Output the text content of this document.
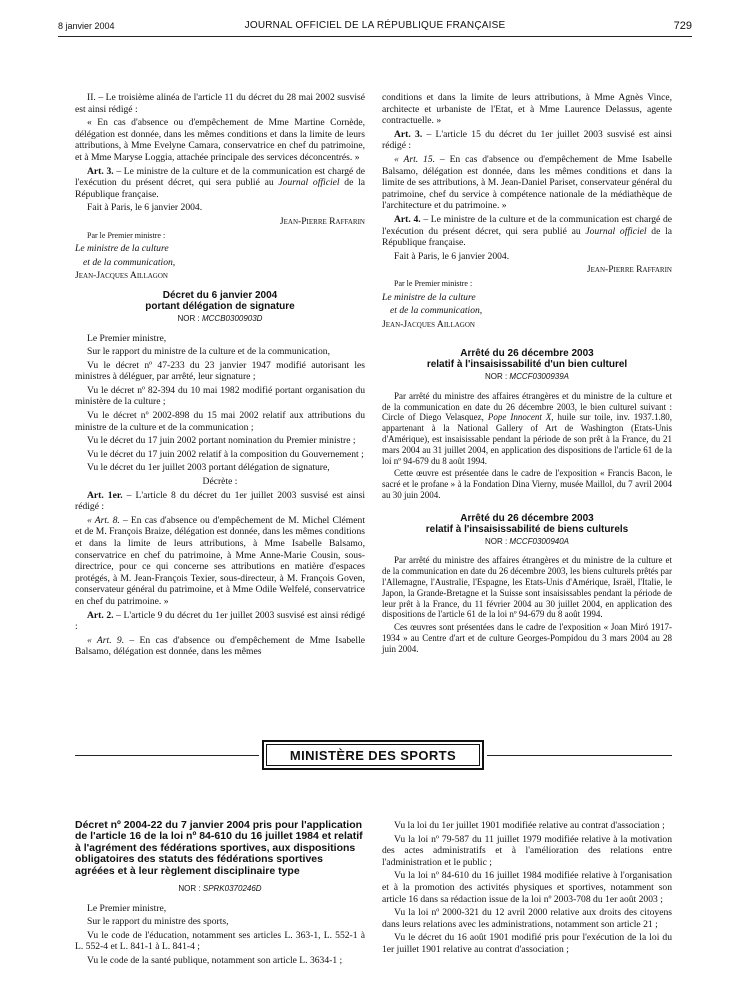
8 janvier 2004	JOURNAL OFFICIEL DE LA RÉPUBLIQUE FRANÇAISE	729

II. – Le troisième alinéa de l'article 11 du décret du 28 mai 2002 susvisé est ainsi rédigé :

« En cas d'absence ou d'empêchement de Mme Martine Cornède, délégation est donnée, dans les mêmes conditions et dans la limite de leurs attributions, à Mme Evelyne Camara, conservatrice en chef du patrimoine, et à Mme Maryse Loggia, attachée principale des services déconcentrés. »

Art. 3. – Le ministre de la culture et de la communication est chargé de l'exécution du présent décret, qui sera publié au Journal officiel de la République française.

Fait à Paris, le 6 janvier 2004.

Jean-Pierre Raffarin

Par le Premier ministre :

Le ministre de la culture

et de la communication,

Jean-Jacques Aillagon

Décret du 6 janvier 2004
portant délégation de signature
NOR : MCCB0300903D

Le Premier ministre,

Sur le rapport du ministre de la culture et de la communication,

Vu le décret nº 47-233 du 23 janvier 1947 modifié autorisant les ministres à déléguer, par arrêté, leur signature ;

Vu le décret nº 82-394 du 10 mai 1982 modifié portant organisation du ministère de la culture ;

Vu le décret nº 2002-898 du 15 mai 2002 relatif aux attributions du ministre de la culture et de la communication ;

Vu le décret du 17 juin 2002 portant nomination du Premier ministre ;

Vu le décret du 17 juin 2002 relatif à la composition du Gouvernement ;

Vu le décret du 1er juillet 2003 portant délégation de signature,

Décrète :

Art. 1er. – L'article 8 du décret du 1er juillet 2003 susvisé est ainsi rédigé :

« Art. 8. – En cas d'absence ou d'empêchement de M. Michel Clément et de M. François Braize, délégation est donnée, dans les mêmes conditions et dans la limite de leurs attributions, à Mme Isabelle Balsamo, conservatrice en chef du patrimoine, à Mme Anne-Marie Cousin, sous-directrice, pour ce qui concerne ses attributions en matière d'espaces protégés, à M. Jean-François Texier, sous-directeur, à M. François Goven, conservateur général du patrimoine, et à Mme Odile Welfelé, conservatrice en chef du patrimoine. »

Art. 2. – L'article 9 du décret du 1er juillet 2003 susvisé est ainsi rédigé :

« Art. 9. – En cas d'absence ou d'empêchement de Mme Isabelle Balsamo, délégation est donnée, dans les mêmes

conditions et dans la limite de leurs attributions, à Mme Agnès Vince, architecte et urbaniste de l'Etat, et à Mme Laurence Delassus, agente contractuelle. »

Art. 3. – L'article 15 du décret du 1er juillet 2003 susvisé est ainsi rédigé :

« Art. 15. – En cas d'absence ou d'empêchement de Mme Isabelle Balsamo, délégation est donnée, dans les mêmes conditions et dans la limite de ses attributions, à M. Jean-Daniel Pariset, conservateur général du patrimoine, chef du service à compétence nationale de la médiathèque de l'architecture et du patrimoine. »

Art. 4. – Le ministre de la culture et de la communication est chargé de l'exécution du présent décret, qui sera publié au Journal officiel de la République française.

Fait à Paris, le 6 janvier 2004.

Jean-Pierre Raffarin

Par le Premier ministre :

Le ministre de la culture

et de la communication,

Jean-Jacques Aillagon

Arrêté du 26 décembre 2003
relatif à l'insaisissabilité d'un bien culturel
NOR : MCCF0300939A

Par arrêté du ministre des affaires étrangères et du ministre de la culture et de la communication en date du 26 décembre 2003, le bien culturel suivant : Circle of Diego Velasquez, Pope Innocent X, huile sur toile, inv. 1937.1.80, appartenant à la National Gallery of Art de Washington (Etats-Unis d'Amérique), est insaisissable pendant la période de son prêt à la France, du 21 mars 2004 au 31 juillet 2004, en application des dispositions de l'article 61 de la loi nº 94-679 du 8 août 1994.

Cette œuvre est présentée dans le cadre de l'exposition « Francis Bacon, le sacré et le profane » à la Fondation Dina Vierny, musée Maillol, du 7 avril 2004 au 30 juin 2004.

Arrêté du 26 décembre 2003
relatif à l'insaisissabilité de biens culturels
NOR : MCCF0300940A

Par arrêté du ministre des affaires étrangères et du ministre de la culture et de la communication en date du 26 décembre 2003, les biens culturels prêtés par l'Allemagne, l'Australie, l'Espagne, les Etats-Unis d'Amérique, Israël, l'Italie, le Japon, la Grande-Bretagne et la Suisse sont insaisissables pendant la période de leur prêt à la France, du 11 février 2004 au 30 juillet 2004, en application des dispositions de l'article 61 de la loi nº 94-679 du 8 août 1994.

Ces œuvres sont présentées dans le cadre de l'exposition « Joan Miró 1917-1934 » au Centre d'art et de culture Georges-Pompidou du 3 mars 2004 au 28 juin 2004.

MINISTÈRE DES SPORTS
Décret nº 2004-22 du 7 janvier 2004 pris pour l'application de l'article 16 de la loi nº 84-610 du 16 juillet 1984 et relatif à l'agrément des fédérations sportives, aux dispositions obligatoires des statuts des fédérations sportives agréées et à leur règlement disciplinaire type
NOR : SPRK0370246D

Le Premier ministre,

Sur le rapport du ministre des sports,

Vu le code de l'éducation, notamment ses articles L. 363-1, L. 552-1 à L. 552-4 et L. 841-1 à L. 841-4 ;

Vu le code de la santé publique, notamment son article L. 3634-1 ;

Vu la loi du 1er juillet 1901 modifiée relative au contrat d'association ;

Vu la loi nº 79-587 du 11 juillet 1979 modifiée relative à la motivation des actes administratifs et à l'amélioration des relations entre l'administration et le public ;

Vu la loi nº 84-610 du 16 juillet 1984 modifiée relative à l'organisation et à la promotion des activités physiques et sportives, notamment son article 16 dans sa rédaction issue de la loi nº 2003-708 du 1er août 2003 ;

Vu la loi nº 2000-321 du 12 avril 2000 relative aux droits des citoyens dans leurs relations avec les administrations, notamment son article 21 ;

Vu le décret du 16 août 1901 modifié pris pour l'exécution de la loi du 1er juillet 1901 relative au contrat d'association ;
